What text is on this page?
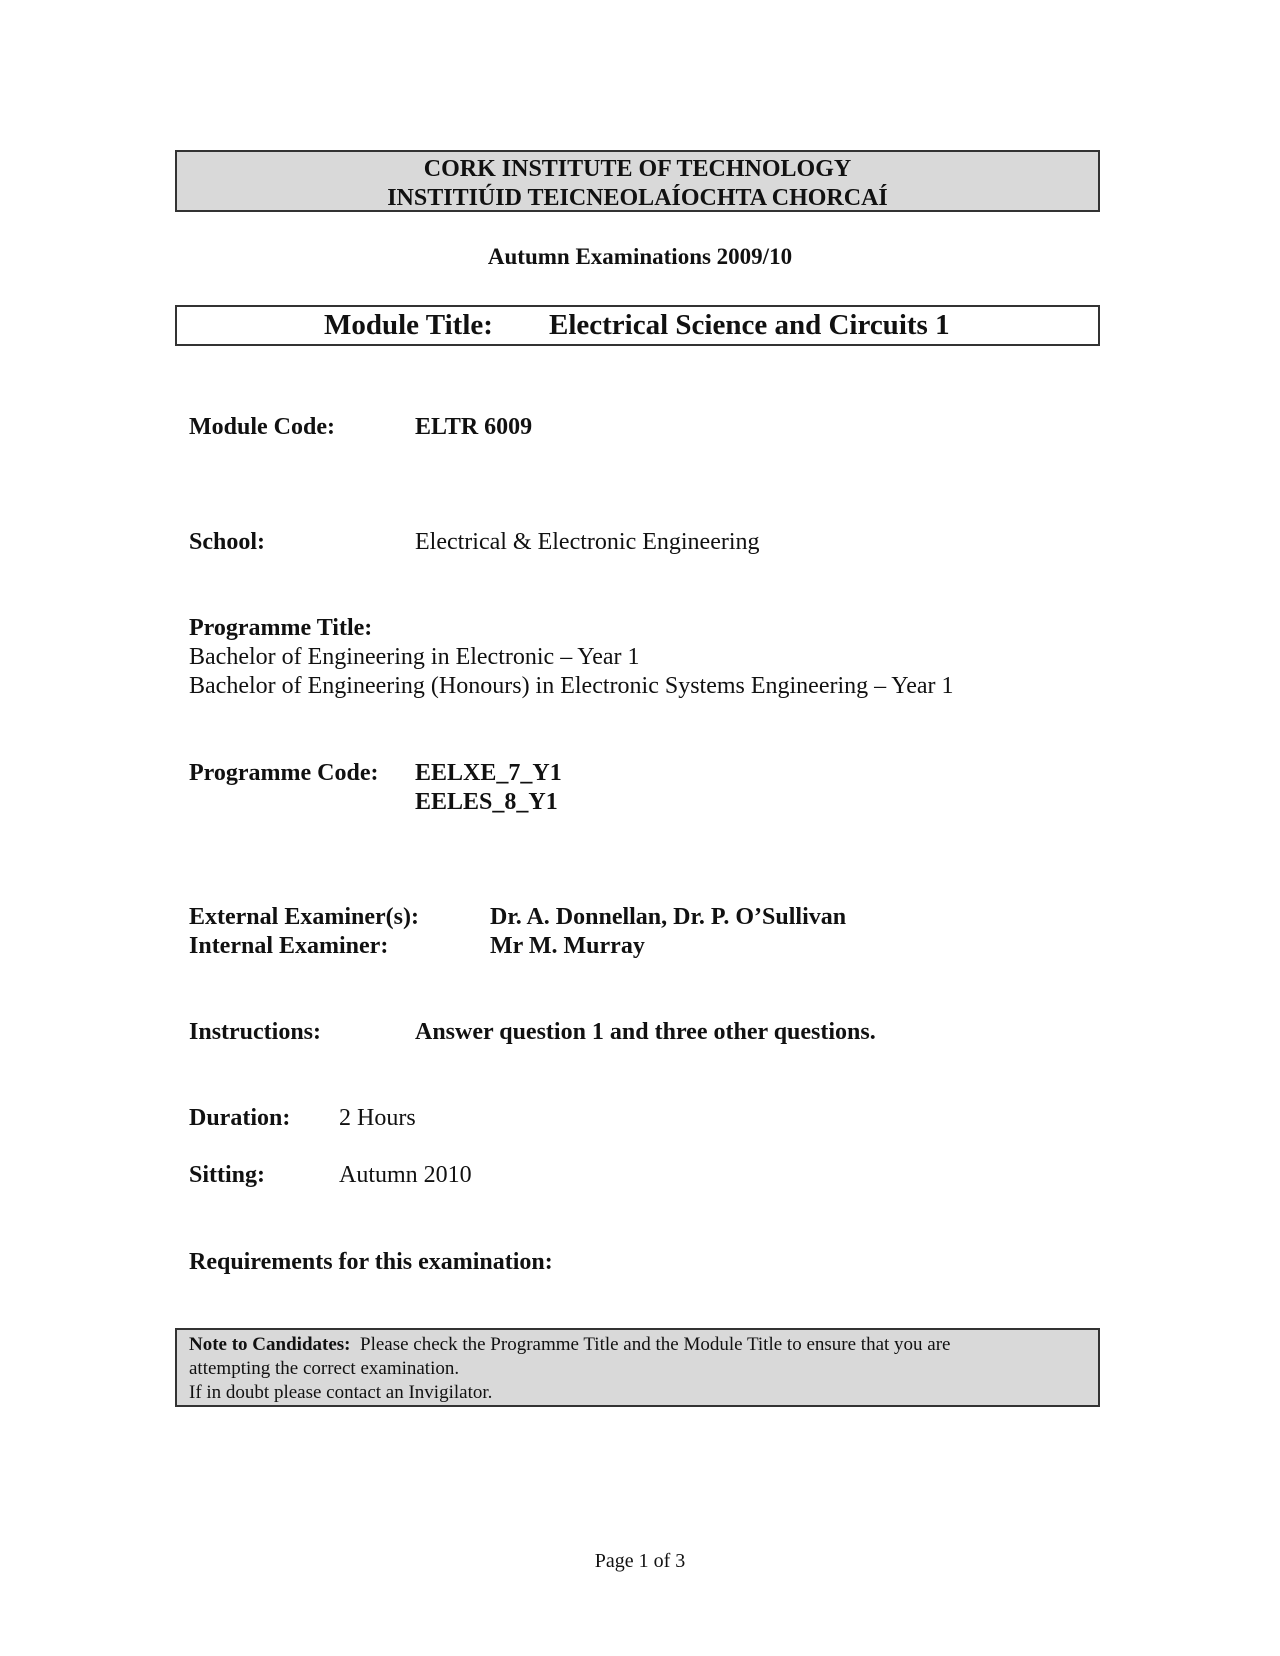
CORK INSTITUTE OF TECHNOLOGY
INSTITIÚID TEICNEOLAÍOCHTA CHORCAÍ
Autumn Examinations 2009/10
Module Title: Electrical Science and Circuits 1
Module Code:	ELTR 6009
School:	Electrical & Electronic Engineering
Programme Title:
Bachelor of Engineering in Electronic – Year 1
Bachelor of Engineering (Honours) in Electronic Systems Engineering – Year 1
Programme Code: EELXE_7_Y1
EELES_8_Y1
External Examiner(s):	Dr. A. Donnellan, Dr. P. O’Sullivan
Internal Examiner:	Mr M. Murray
Instructions:	Answer question 1 and three other questions.
Duration: 2 Hours
Sitting:	Autumn 2010
Requirements for this examination:
Note to Candidates: Please check the Programme Title and the Module Title to ensure that you are
attempting the correct examination.
If in doubt please contact an Invigilator.
Page 1 of 3
